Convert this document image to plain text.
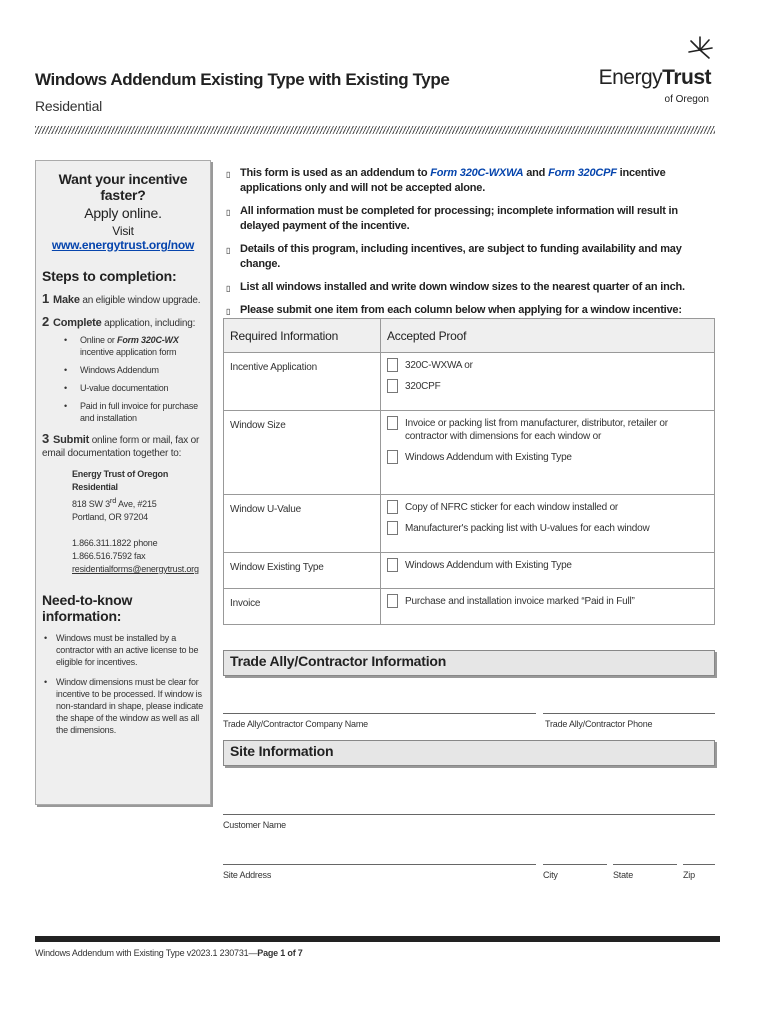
Windows Addendum Existing Type with Existing Type
Residential
EnergyTrust
of Oregon
Want your incentive faster?
Apply online.
Visit www.energytrust.org/now
Steps to completion:
1 Make an eligible window upgrade.
2 Complete application, including:
• Online or Form 320C-WX incentive application form
• Windows Addendum
• U-value documentation
• Paid in full invoice for purchase and installation
3 Submit online form or mail, fax or email documentation together to:
Energy Trust of Oregon
Residential
818 SW 3rd Ave, #215
Portland, OR 97204

1.866.311.1822 phone
1.866.516.7592 fax
residentialforms@energytrust.org
Need-to-know information:
• Windows must be installed by a contractor with an active license to be eligible for incentives.
• Window dimensions must be clear for incentive to be processed. If window is non-standard in shape, please indicate the shape of the window as well as all the dimensions.
▯ This form is used as an addendum to Form 320C-WXWA and Form 320CPF incentive applications only and will not be accepted alone.
▯ All information must be completed for processing; incomplete information will result in delayed payment of the incentive.
▯ Details of this program, including incentives, are subject to funding availability and may change.
▯ List all windows installed and write down window sizes to the nearest quarter of an inch.
▯ Please submit one item from each column below when applying for a window incentive:
Required Information	Accepted Proof
Incentive Application	320C-WXWA or
320CPF

Window Size	Invoice or packing list from manufacturer, distributor, retailer or contractor with dimensions for each window or
Windows Addendum with Existing Type

Window U-Value	Copy of NFRC sticker for each window installed or
Manufacturer's packing list with U-values for each window

Window Existing Type	Windows Addendum with Existing Type

Invoice	Purchase and installation invoice marked “Paid in Full”
Trade Ally/Contractor Information
Trade Ally/Contractor Company Name	Trade Ally/Contractor Phone
Site Information
Customer Name
Site Address	City	State	Zip
Windows Addendum with Existing Type v2023.1 230731—Page 1 of 7
